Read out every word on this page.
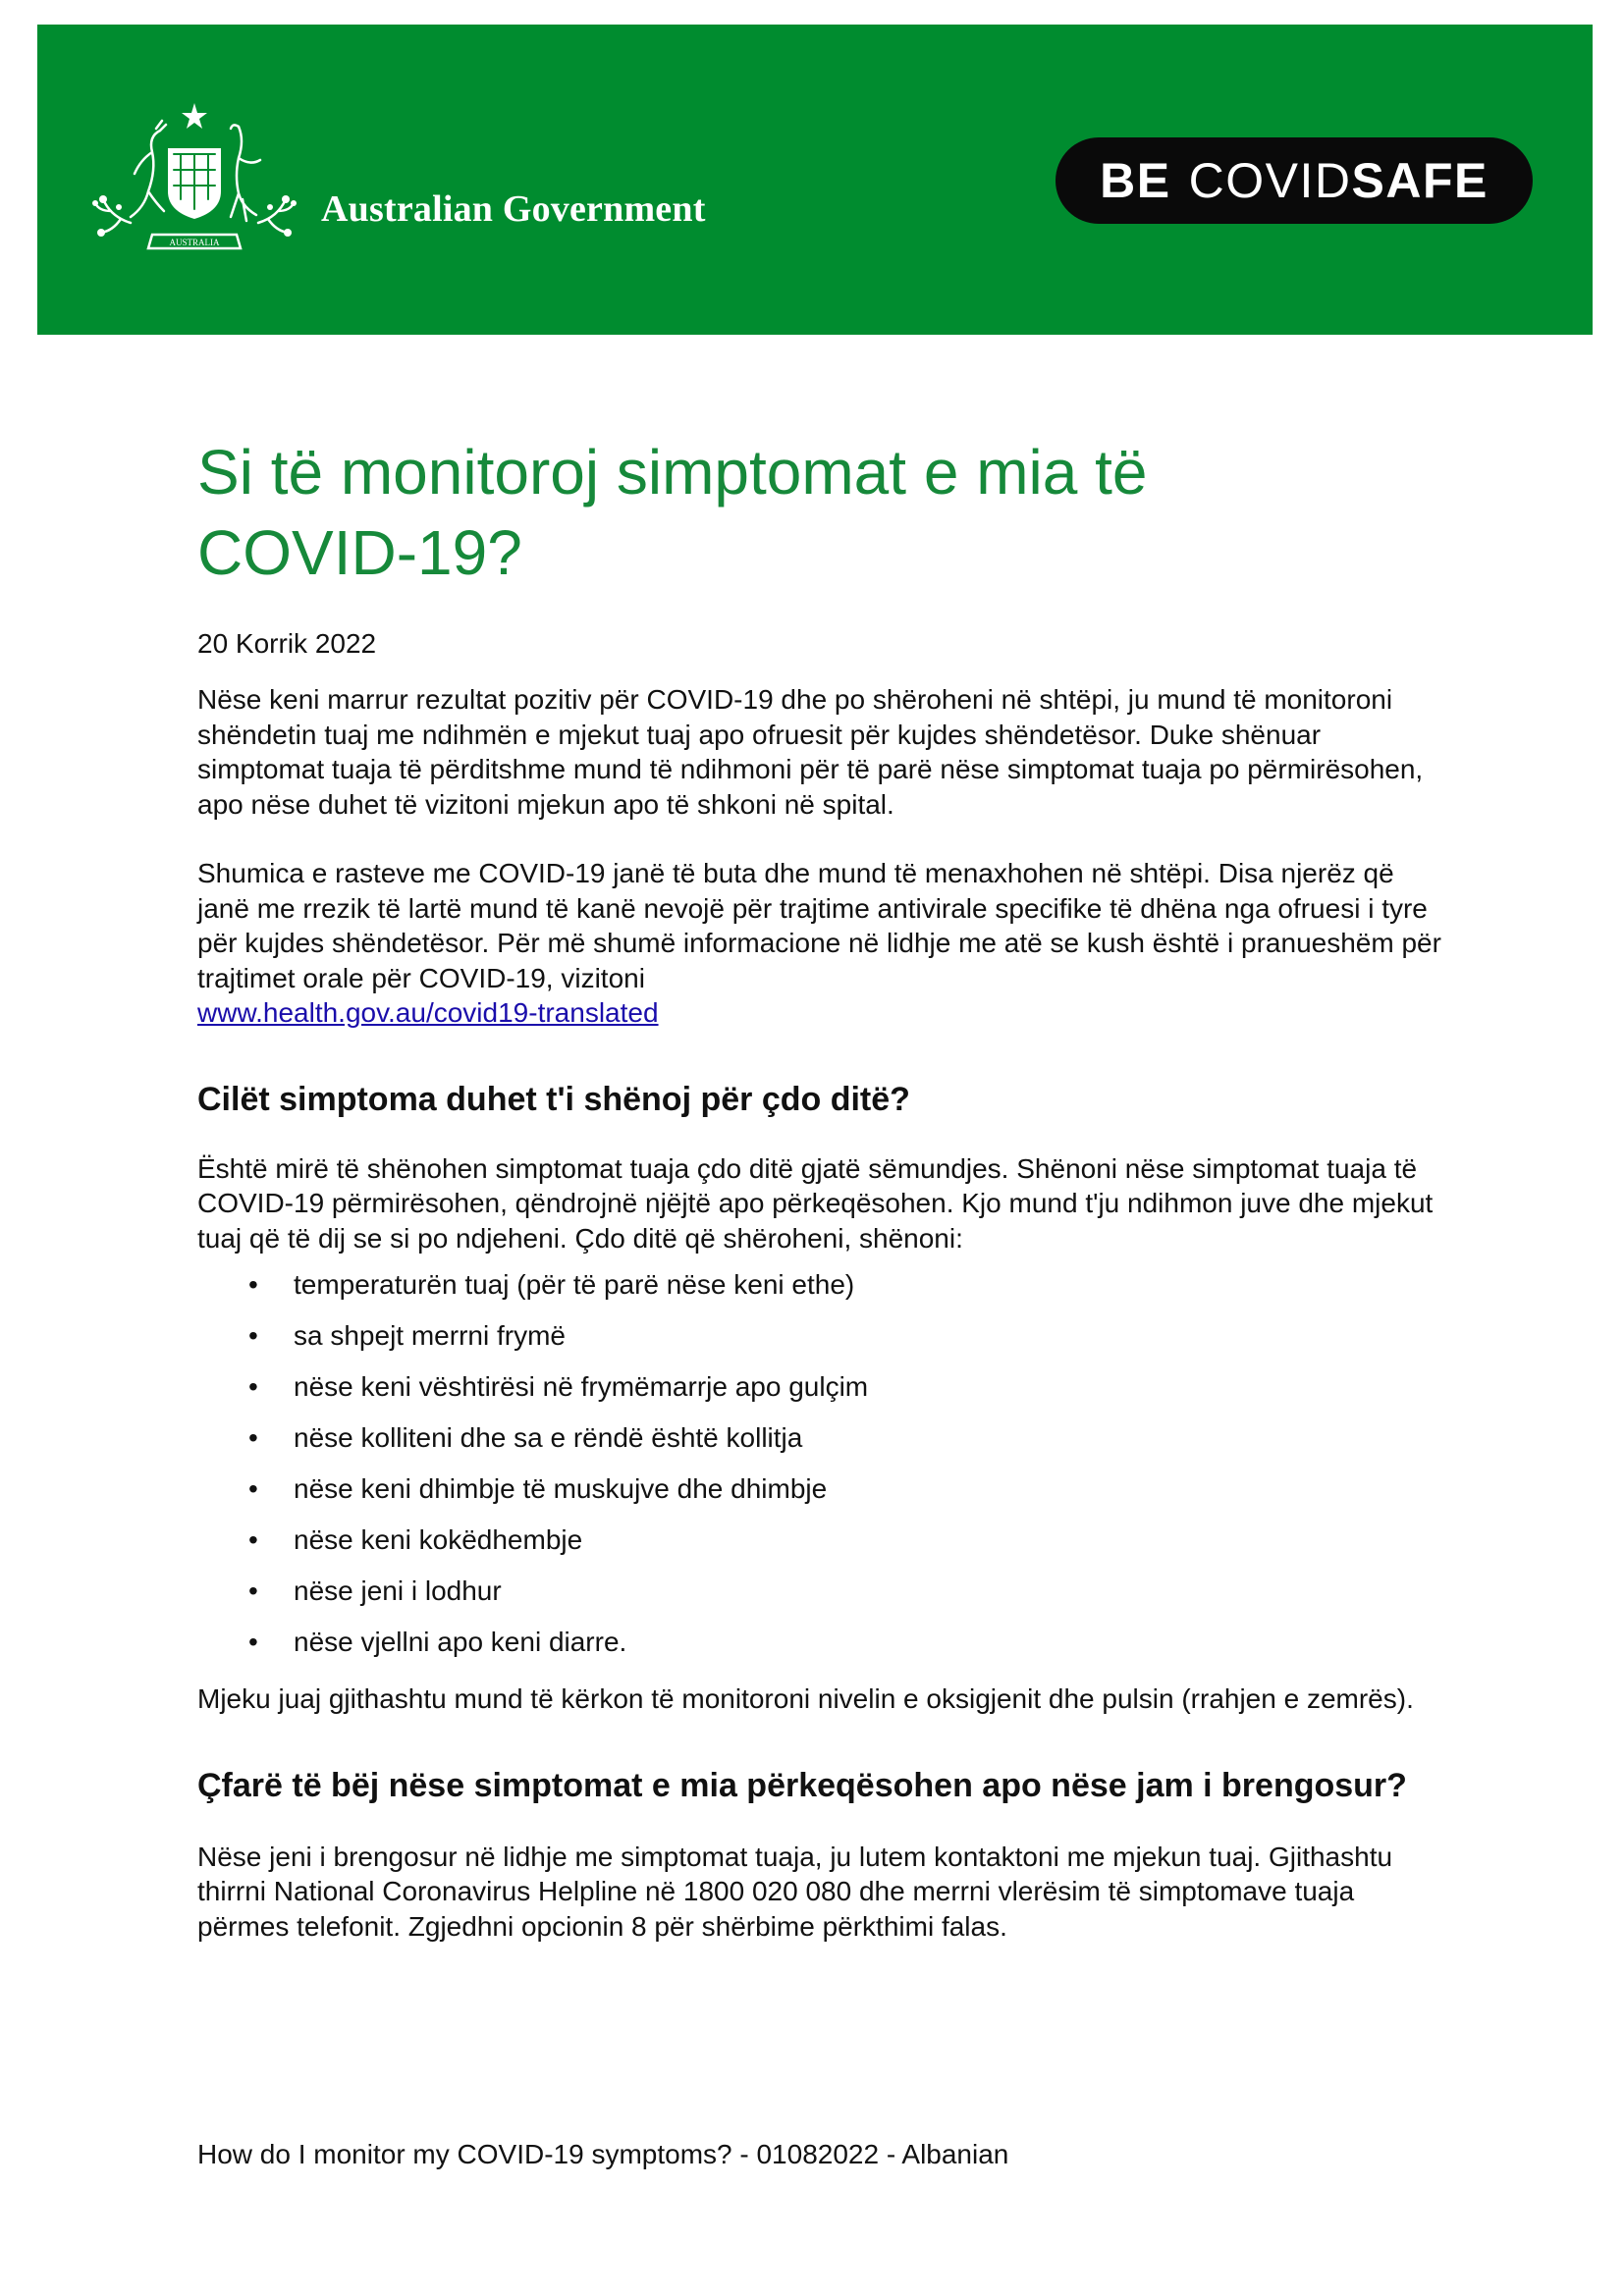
AUSTRALIA
Australian Government
BE COVID SAFE
Si të monitoroj simptomat e mia të
COVID-19?
20 Korrik 2022

Nëse keni marrur rezultat pozitiv për COVID-19 dhe po shëroheni në shtëpi, ju mund të monitoroni shëndetin tuaj me ndihmën e mjekut tuaj apo ofruesit për kujdes shëndetësor. Duke shënuar simptomat tuaja të përditshme mund të ndihmoni për të parë nëse simptomat tuaja po përmirësohen, apo nëse duhet të vizitoni mjekun apo të shkoni në spital.

Shumica e rasteve me COVID-19 janë të buta dhe mund të menaxhohen në shtëpi. Disa njerëz që janë me rrezik të lartë mund të kanë nevojë për trajtime antivirale specifike të dhëna nga ofruesi i tyre për kujdes shëndetësor. Për më shumë informacione në lidhje me atë se kush është i pranueshëm për trajtimet orale për COVID-19, vizitoni
www.health.gov.au/covid19-translated

Cilët simptoma duhet t'i shënoj për çdo ditë?

Është mirë të shënohen simptomat tuaja çdo ditë gjatë sëmundjes. Shënoni nëse simptomat tuaja të COVID-19 përmirësohen, qëndrojnë njëjtë apo përkeqësohen. Kjo mund t'ju ndihmon juve dhe mjekut tuaj që të dij se si po ndjeheni. Çdo ditë që shëroheni, shënoni:

• temperaturën tuaj (për të parë nëse keni ethe)
• sa shpejt merrni frymë
• nëse keni vështirësi në frymëmarrje apo gulçim
• nëse kolliteni dhe sa e rëndë është kollitja
• nëse keni dhimbje të muskujve dhe dhimbje
• nëse keni kokëdhembje
• nëse jeni i lodhur
• nëse vjellni apo keni diarre.

Mjeku juaj gjithashtu mund të kërkon të monitoroni nivelin e oksigjenit dhe pulsin (rrahjen e zemrës).

Çfarë të bëj nëse simptomat e mia përkeqësohen apo nëse jam i brengosur?

Nëse jeni i brengosur në lidhje me simptomat tuaja, ju lutem kontaktoni me mjekun tuaj. Gjithashtu thirrni National Coronavirus Helpline në 1800 020 080 dhe merrni vlerësim të simptomave tuaja përmes telefonit. Zgjedhni opcionin 8 për shërbime përkthimi falas.

How do I monitor my COVID-19 symptoms? - 01082022 - Albanian
